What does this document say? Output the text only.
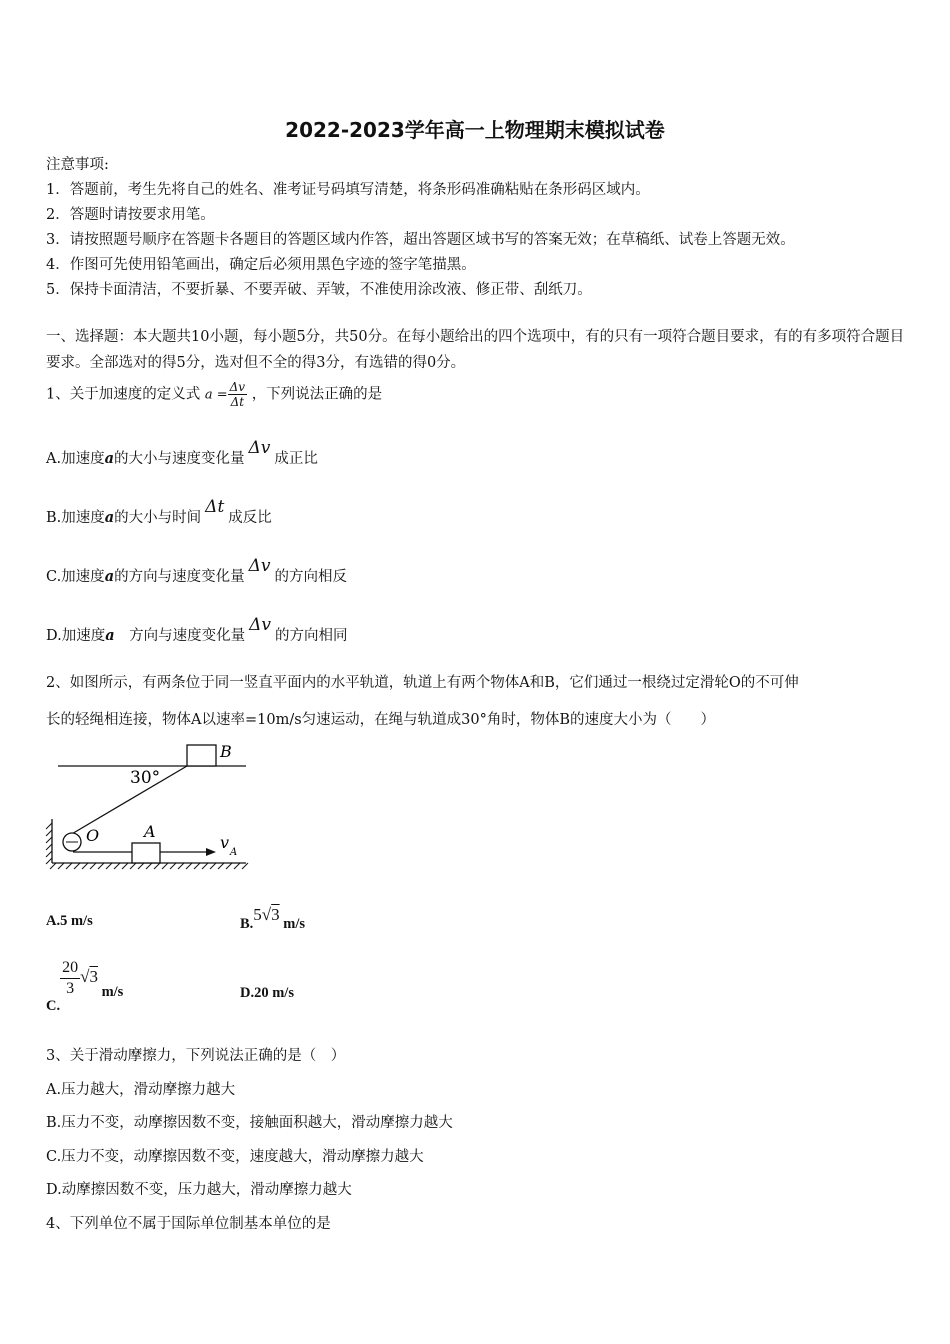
2022-2023学年高一上物理期末模拟试卷
注意事项:
1．答题前，考生先将自己的姓名、准考证号码填写清楚，将条形码准确粘贴在条形码区域内。
2．答题时请按要求用笔。
3．请按照题号顺序在答题卡各题目的答题区域内作答，超出答题区域书写的答案无效；在草稿纸、试卷上答题无效。
4．作图可先使用铅笔画出，确定后必须用黑色字迹的签字笔描黑。
5．保持卡面清洁，不要折暴、不要弄破、弄皱，不准使用涂改液、修正带、刮纸刀。
一、选择题：本大题共10小题，每小题5分，共50分。在每小题给出的四个选项中，有的只有一项符合题目要求，有的有多项符合题目要求。全部选对的得5分，选对但不全的得3分，有选错的得0分。
1、关于加速度的定义式 $a = \frac{\Delta v}{\Delta t}$ ，下列说法正确的是
A.加速度a的大小与速度变化量Δv成正比
B.加速度a的大小与时间Δt成反比
C.加速度a的方向与速度变化量Δv的方向相反
D.加速度a　方向与速度变化量Δv的方向相同
2、如图所示，有两条位于同一竖直平面内的水平轨道，轨道上有两个物体A和B，它们通过一根绕过定滑轮O的不可伸
长的轻绳相连接，物体A以速率=10m/s匀速运动，在绳与轨道成30°角时，物体B的速度大小为（　　）
B
30°
O	A
v
A
A.5 m/s	B.5√3 m/s
C.
$\frac{20}{3} √3$ m/s	D.20 m/s
3、关于滑动摩擦力，下列说法正确的是（　）
A.压力越大，滑动摩擦力越大
B.压力不变，动摩擦因数不变，接触面积越大，滑动摩擦力越大
C.压力不变，动摩擦因数不变，速度越大，滑动摩擦力越大
D.动摩擦因数不变，压力越大，滑动摩擦力越大
4、下列单位不属于国际单位制基本单位的是
